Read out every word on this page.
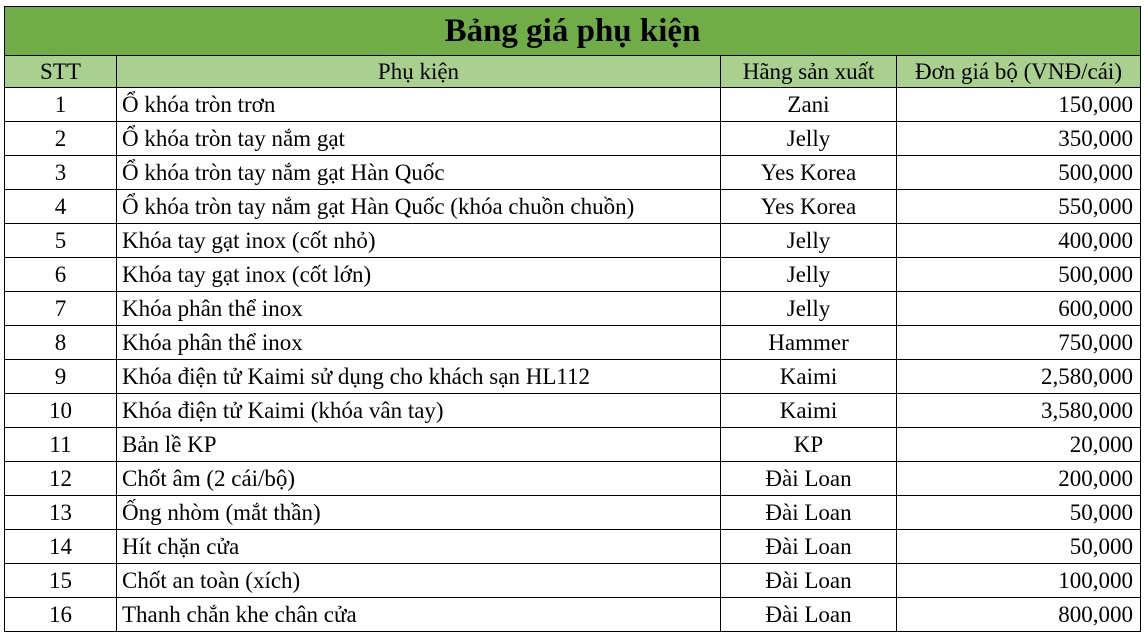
Bảng giá phụ kiện			
STT	Phụ kiện	Hãng sản xuất	Đơn giá bộ (VNĐ/cái)
1	Ổ khóa tròn trơn	Zani	150,000
2	Ổ khóa tròn tay nắm gạt	Jelly	350,000
3	Ổ khóa tròn tay nắm gạt Hàn Quốc	Yes Korea	500,000
4	Ổ khóa tròn tay nắm gạt Hàn Quốc (khóa chuồn chuồn)	Yes Korea	550,000
5	Khóa tay gạt inox (cốt nhỏ)	Jelly	400,000
6	Khóa tay gạt inox (cốt lớn)	Jelly	500,000
7	Khóa phân thể inox	Jelly	600,000
8	Khóa phân thể inox	Hammer	750,000
9	Khóa điện tử Kaimi sử dụng cho khách sạn HL112	Kaimi	2,580,000
10	Khóa điện tử Kaimi (khóa vân tay)	Kaimi	3,580,000
11	Bản lề KP	KP	20,000
12	Chốt âm (2 cái/bộ)	Đài Loan	200,000
13	Ống nhòm (mắt thần)	Đài Loan	50,000
14	Hít chặn cửa	Đài Loan	50,000
15	Chốt an toàn (xích)	Đài Loan	100,000
16	Thanh chắn khe chân cửa	Đài Loan	800,000
